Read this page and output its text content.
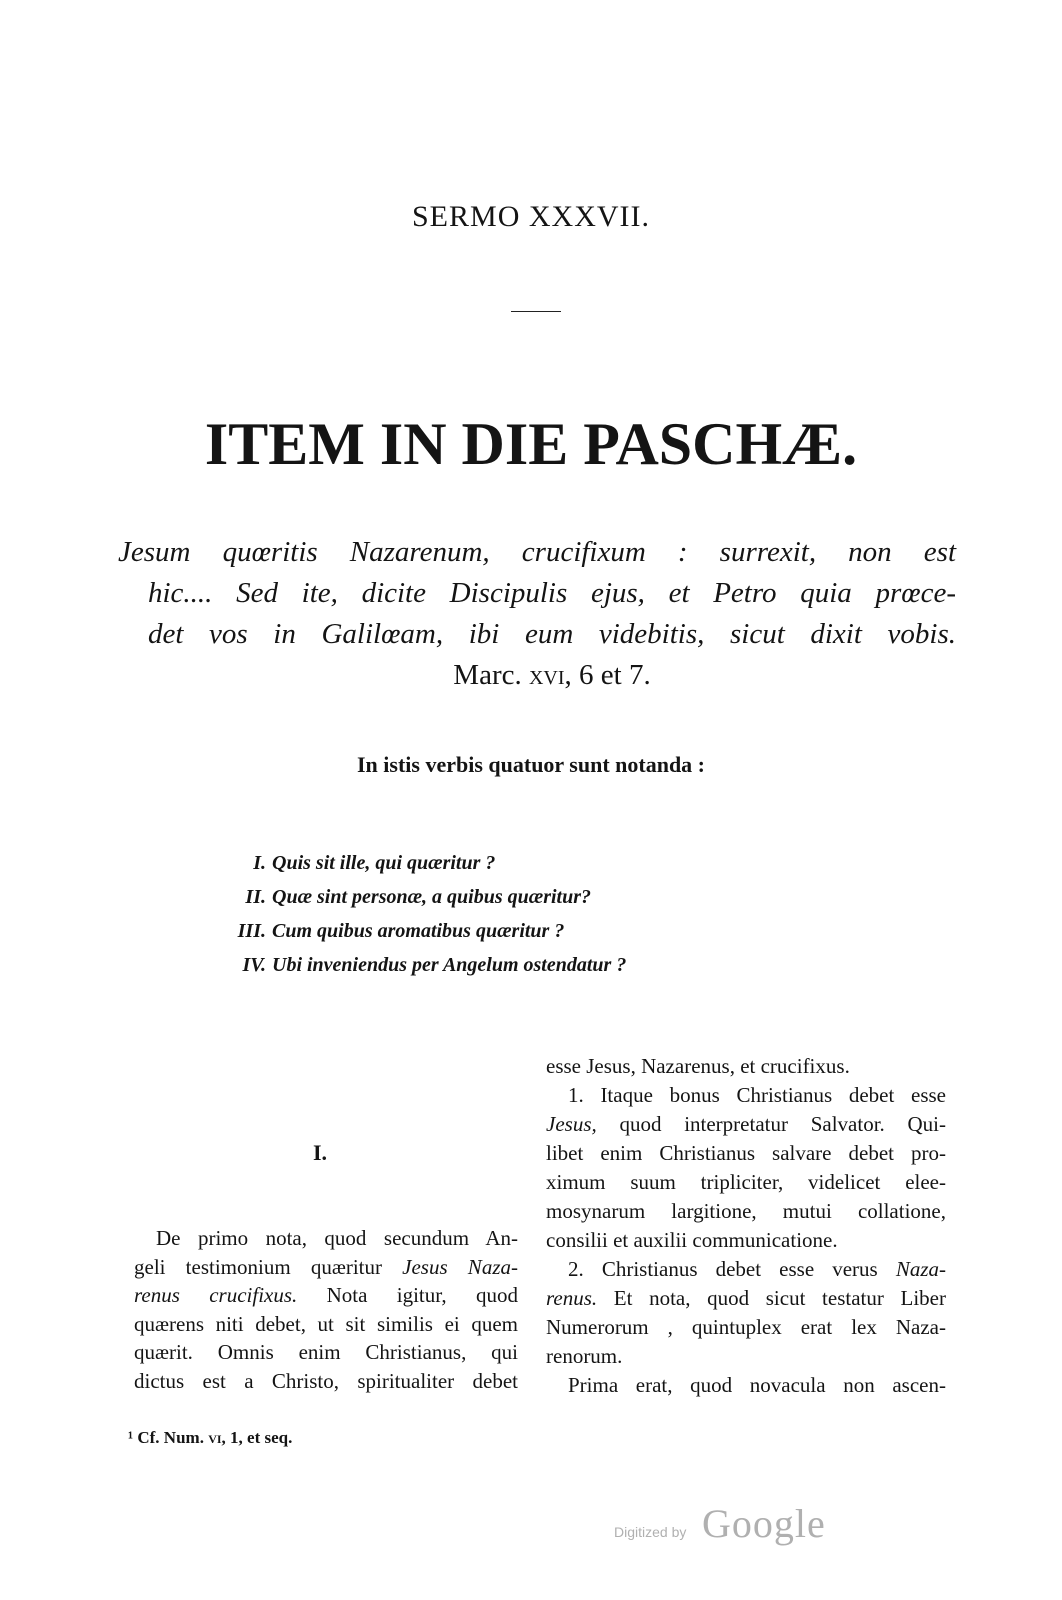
SERMO XXXVII.
ITEM IN DIE PASCHÆ.
Jesum quœritis Nazarenum, crucifixum : surrexit, non est
hic.... Sed ite, dicite Discipulis ejus, et Petro quia prœce-
det vos in Galilœam, ibi eum videbitis, sicut dixit vobis.
Marc. xvi, 6 et 7.
In istis verbis quatuor sunt notanda :
I. Quis sit ille, qui quæritur ?
II. Quæ sint personæ, a quibus quæritur?
III. Cum quibus aromatibus quæritur ?
IV. Ubi inveniendus per Angelum ostendatur ?
I.
De primo nota, quod secundum An-
geli testimonium quæritur Jesus Naza-
renus crucifixus. Nota igitur, quod
quærens niti debet, ut sit similis ei quem
quærit. Omnis enim Christianus, qui
dictus est a Christo, spiritualiter debet
esse Jesus, Nazarenus, et crucifixus.
1. Itaque bonus Christianus debet esse
Jesus, quod interpretatur Salvator. Qui-
libet enim Christianus salvare debet pro-
ximum suum tripliciter, videlicet elee-
mosynarum largitione, mutui collatione,
consilii et auxilii communicatione.
2. Christianus debet esse verus Naza-
renus. Et nota, quod sicut testatur Liber
Numerorum , quintuplex erat lex Naza-
renorum.
Prima erat, quod novacula non ascen-
¹ Cf. Num. vi, 1, et seq.
Digitized by Google
